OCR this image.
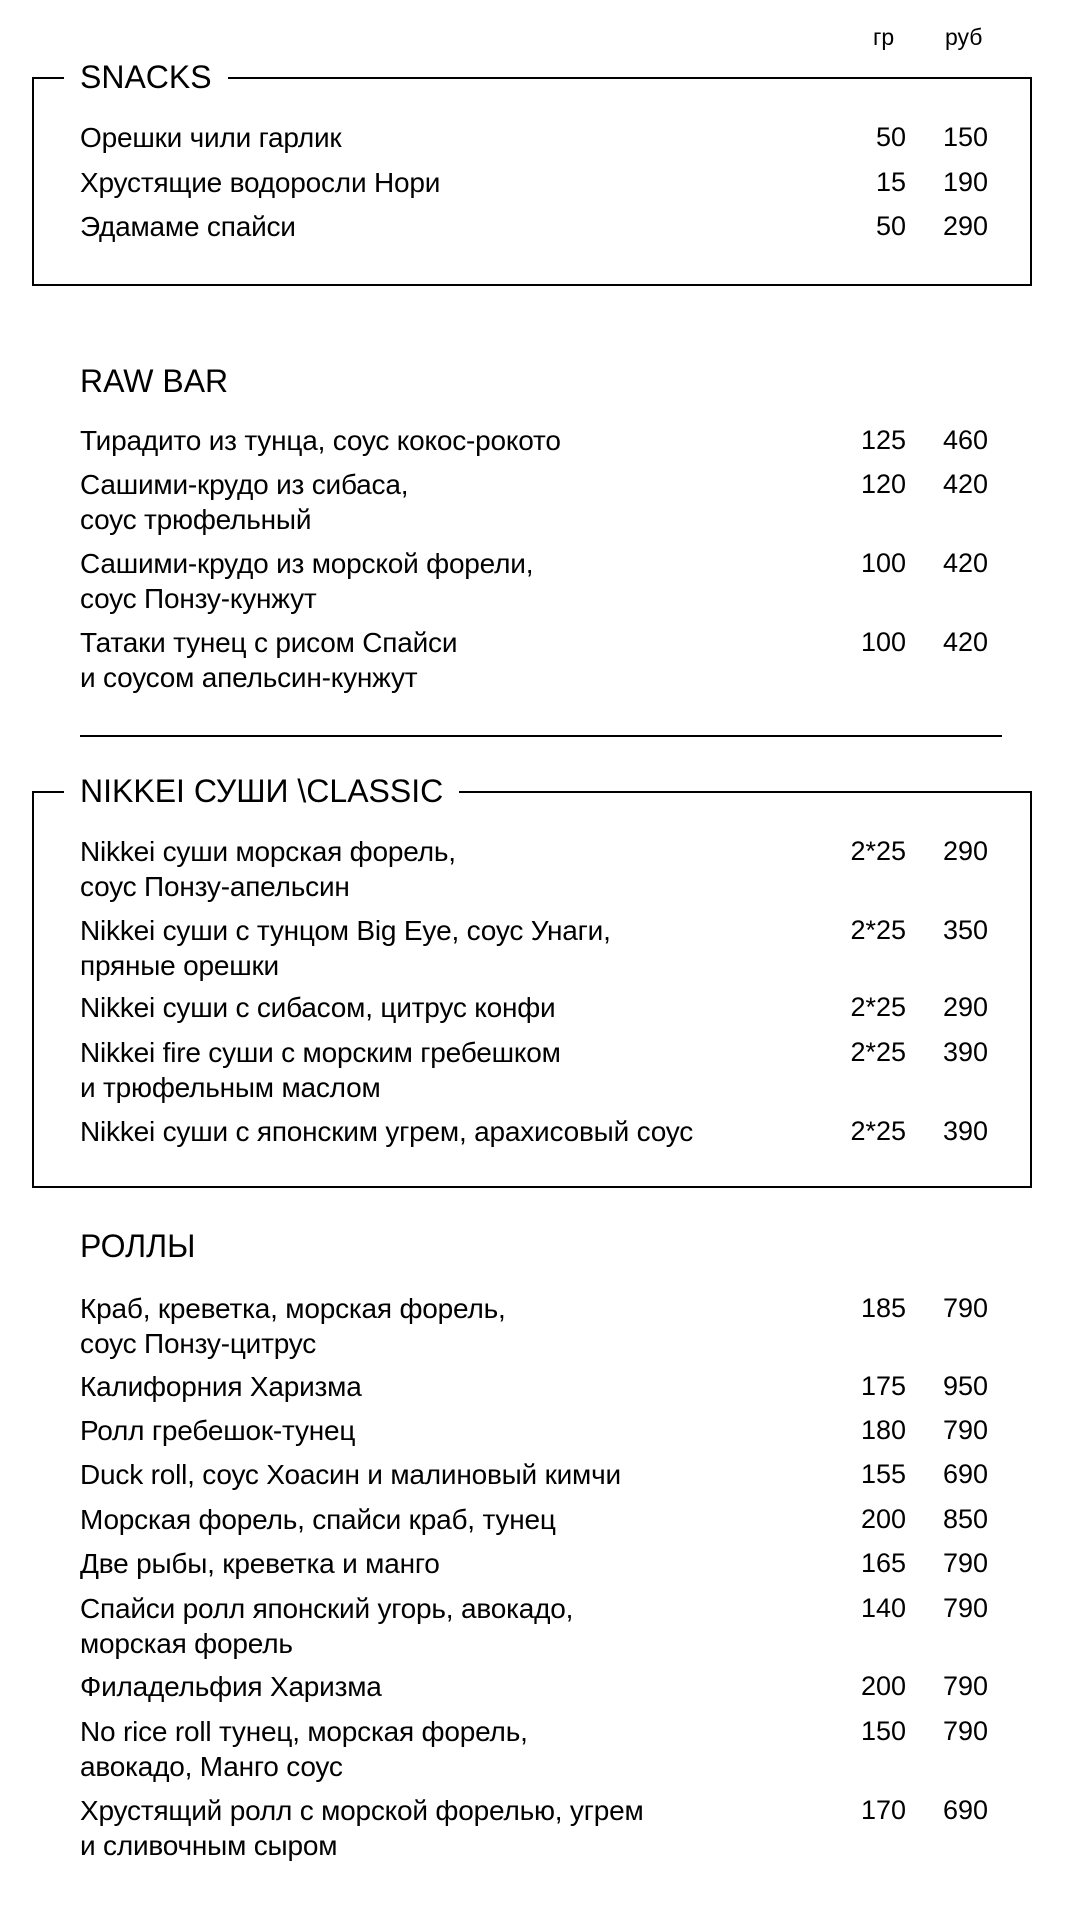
гр руб
SNACKS
Орешки чили гарлик	50 150
Хрустящие водоросли Нори	15 190
Эдамаме спайси	50 290
RAW BAR
Тирадито из тунца, соус кокос-рокото	125 460
Сашими-крудо из сибаса,
соус трюфельный
120 420
Сашими-крудо из морской форели,
соус Понзу-кунжут
100 420
Татаки тунец с рисом Спайси
и соусом апельсин-кунжут
100 420
NIKKEI СУШИ \CLASSIC
Nikkei суши морская форель,
соус Понзу-апельсин
2*25 290
Nikkei суши с тунцом Big Eye, соус Унаги,
пряные орешки
2*25 350
Nikkei суши с сибасом, цитрус конфи	2*25 290
Nikkei fire суши с морским гребешком
и трюфельным маслом
2*25 390
Nikkei суши с японским угрем, арахисовый соус	2*25 390
РОЛЛЫ
Краб, креветка, морская форель,
соус Понзу-цитрус
185 790
Калифорния Харизма	175 950
Ролл гребешок-тунец	180 790
Duck roll, соус Хоасин и малиновый кимчи	155 690
Морская форель, спайси краб, тунец	200 850
Две рыбы, креветка и манго	165 790
Спайси ролл японский угорь, авокадо,
морская форель
140 790
Филадельфия Харизма	200 790
No rice roll тунец, морская форель,
авокадо, Манго соус
150 790
Хрустящий ролл с морской форелью, угрем
и сливочным сыром
170 690
